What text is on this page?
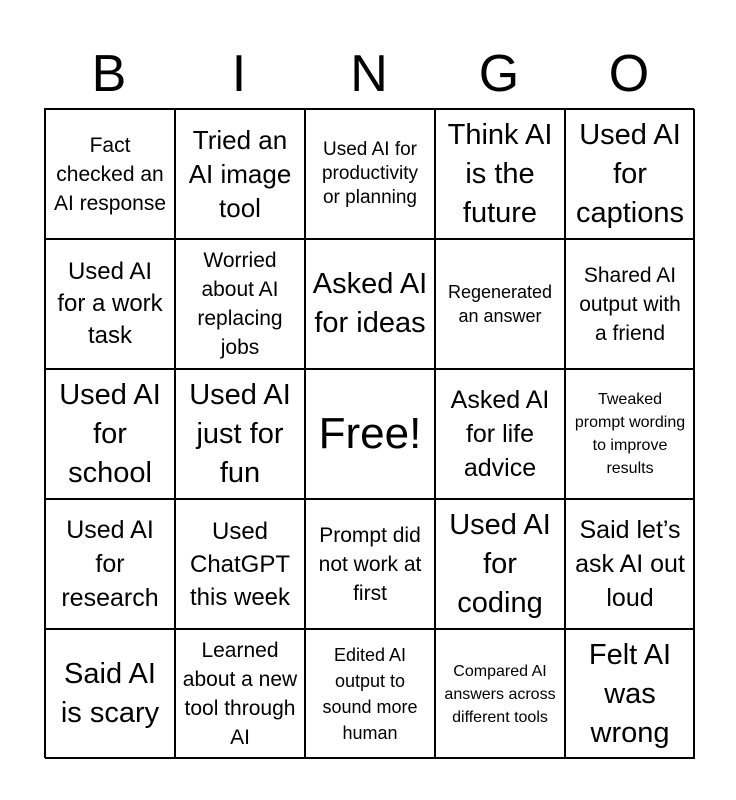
B	I	N	G	O
Fact checked an AI response
Tried an AI image tool
Used AI for productivity or planning
Think AI is the future
Used AI for captions
Used AI for a work task
Worried about AI replacing jobs
Asked AI for ideas
Regenerated an answer
Shared AI output with a friend
Used AI for school
Used AI just for fun
Free!
Asked AI for life advice
Tweaked prompt wording to improve results
Used AI for research
Used ChatGPT this week
Prompt did not work at first
Used AI for coding
Said let’s ask AI out loud
Said AI is scary
Learned about a new tool through AI
Edited AI output to sound more human
Compared AI answers across different tools
Felt AI was wrong
